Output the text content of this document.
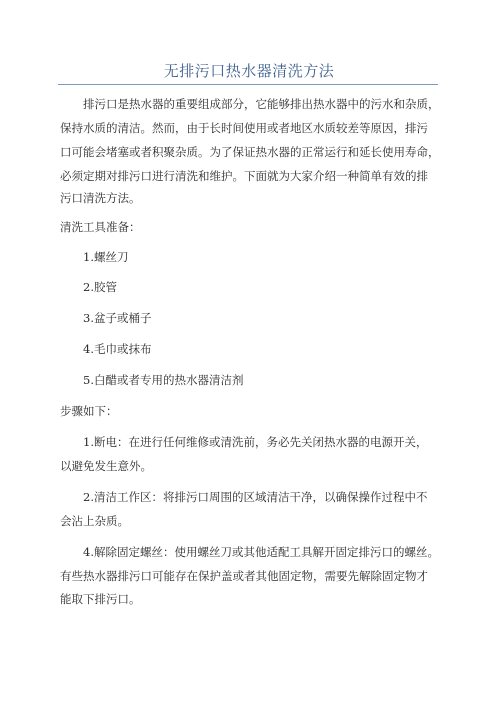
无排污口热水器清洗方法
排污口是热水器的重要组成部分，它能够排出热水器中的污水和杂质，
保持水质的清洁。然而，由于长时间使用或者地区水质较差等原因，排污
口可能会堵塞或者积聚杂质。为了保证热水器的正常运行和延长使用寿命，
必须定期对排污口进行清洗和维护。下面就为大家介绍一种简单有效的排
污口清洗方法。
清洗工具准备：
1.螺丝刀
2.胶管
3.盆子或桶子
4.毛巾或抹布
5.白醋或者专用的热水器清洁剂
步骤如下：
1.断电：在进行任何维修或清洗前，务必先关闭热水器的电源开关，
以避免发生意外。
2.清洁工作区：将排污口周围的区域清洁干净，以确保操作过程中不
会沾上杂质。
4.解除固定螺丝：使用螺丝刀或其他适配工具解开固定排污口的螺丝。
有些热水器排污口可能存在保护盖或者其他固定物，需要先解除固定物才
能取下排污口。
